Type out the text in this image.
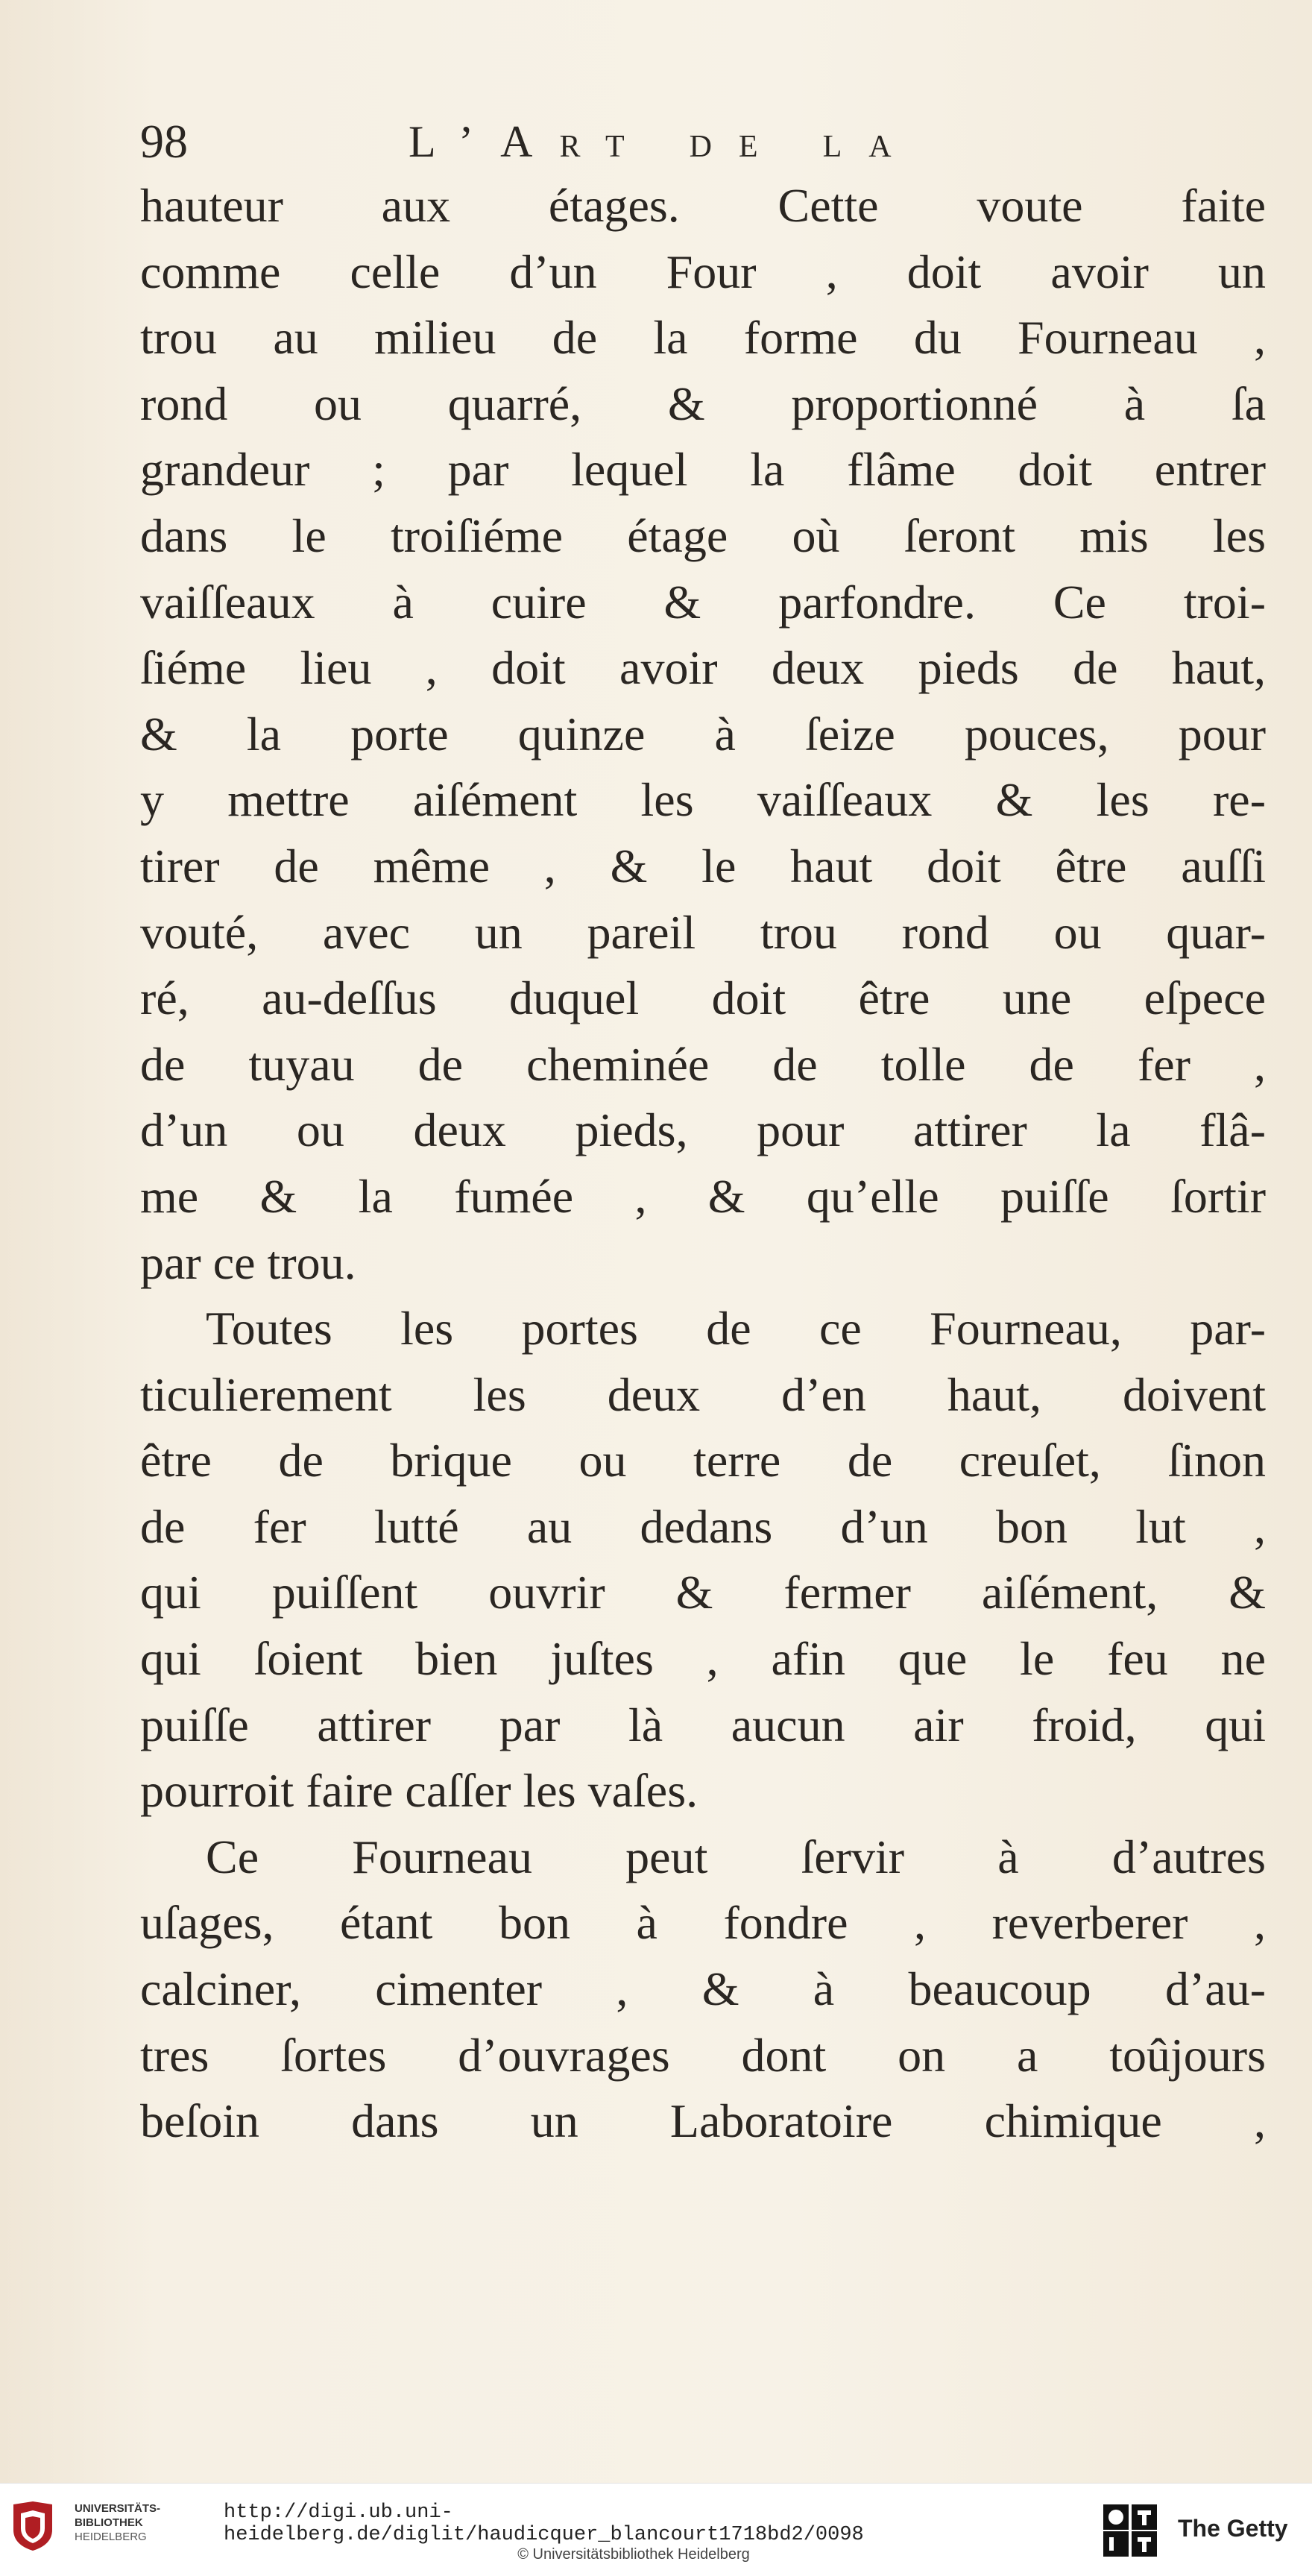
98	L’Art de la
hauteur aux étages. Cette voute faite
comme celle d’un Four , doit avoir un
trou au milieu de la forme du Fourneau ,
rond ou quarré, & proportionné à ſa
grandeur ; par lequel la flâme doit entrer
dans le troiſiéme étage où ſeront mis les
vaiſſeaux à cuire & parfondre. Ce troi-
ſiéme lieu , doit avoir deux pieds de haut,
& la porte quinze à ſeize pouces, pour
y mettre aiſément les vaiſſeaux & les re-
tirer de même , & le haut doit être auſſi
vouté, avec un pareil trou rond ou quar-
ré, au-deſſus duquel doit être une eſpece
de tuyau de cheminée de tolle de fer ,
d’un ou deux pieds, pour attirer la flâ-
me & la fumée , & qu’elle puiſſe ſortir
par ce trou.
Toutes les portes de ce Fourneau, par-
ticulierement les deux d’en haut, doivent
être de brique ou terre de creuſet, ſinon
de fer lutté au dedans d’un bon lut ,
qui puiſſent ouvrir & fermer aiſément, &
qui ſoient bien juſtes , afin que le feu ne
puiſſe attirer par là aucun air froid, qui
pourroit faire caſſer les vaſes.
Ce Fourneau peut ſervir à d’autres
uſages, étant bon à fondre , reverberer ,
calciner, cimenter , & à beaucoup d’au-
tres ſortes d’ouvrages dont on a toûjours
beſoin dans un Laboratoire chimique ,
UNIVERSITÄTS-
BIBLIOTHEK
HEIDELBERG
http://digi.ub.uni-heidelberg.de/diglit/haudicquer_blancourt1718bd2/0098
© Universitätsbibliothek Heidelberg
The Getty
